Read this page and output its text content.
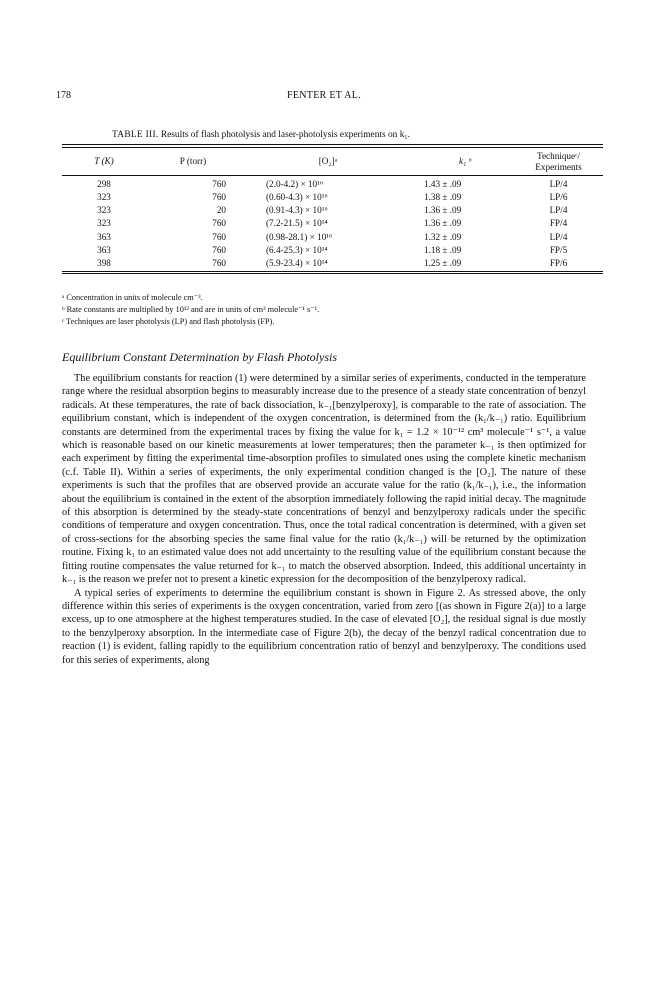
178	FENTER ET AL.
TABLE III. Results of flash photolysis and laser-photolysis experiments on k₁.
T (K)	P (torr)	[O₂]ᵃ	k₁ ᵇ	Techniqueᶜ/
Experiments

298	760	(2.0-4.2) × 10¹⁶	1.43 ± .09	LP/4
323	760	(0.60-4.3) × 10¹⁶	1.38 ± .09	LP/6
323	20	(0.91-4.3) × 10¹⁶	1.36 ± .09	LP/4
323	760	(7.2-21.5) × 10¹⁴	1.36 ± .09	FP/4
363	760	(0.98-28.1) × 10¹⁶	1.32 ± .09	LP/4
363	760	(6.4-25.3) × 10¹⁴	1.18 ± .09	FP/5
398	760	(5.9-23.4) × 10¹⁴	1.25 ± .09	FP/6
ᵃ Concentration in units of molecule cm⁻³.
ᵇ Rate constants are multiplied by 10¹² and are in units of cm³ molecule⁻¹ s⁻¹.
ᶜ Techniques are laser photolysis (LP) and flash photolysis (FP).
Equilibrium Constant Determination by Flash Photolysis

The equilibrium constants for reaction (1) were determined by a similar series of experiments, conducted in the temperature range where the residual absorption begins to measurably increase due to the presence of a steady state concentration of benzyl radicals. At these temperatures, the rate of back dissociation, k₋₁[benzylperoxy], is comparable to the rate of association. The equilibrium constant, which is independent of the oxygen concentration, is determined from the (k₁/k₋₁) ratio. Equilibrium constants are determined from the experimental traces by fixing the value for k₁ = 1.2 × 10⁻¹² cm³ molecule⁻¹ s⁻¹, a value which is reasonable based on our kinetic measurements at lower temperatures; then the parameter k₋₁ is then optimized for each experiment by fitting the experimental time-absorption profiles to simulated ones using the complete kinetic mechanism (c.f. Table II). Within a series of experiments, the only experimental condition changed is the [O₂]. The nature of these experiments is such that the profiles that are observed provide an accurate value for the ratio (k₁/k₋₁), i.e., the information about the equilibrium is contained in the extent of the absorption immediately following the rapid initial decay. The magnitude of this absorption is determined by the steady-state concentrations of benzyl and benzylperoxy radicals under the specific conditions of temperature and oxygen concentration. Thus, once the total radical concentration is determined, with a given set of cross-sections for the absorbing species the same final value for the ratio (k₁/k₋₁) will be returned by the optimization routine. Fixing k₁ to an estimated value does not add uncertainty to the resulting value of the equilibrium constant because the fitting routine compensates the value returned for k₋₁ to match the observed absorption. Indeed, this additional uncertainty in k₋₁ is the reason we prefer not to present a kinetic expression for the decomposition of the benzylperoxy radical.

A typical series of experiments to determine the equilibrium constant is shown in Figure 2. As stressed above, the only difference within this series of experiments is the oxygen concentration, varied from zero [(as shown in Figure 2(a)] to a large excess, up to one atmosphere at the highest temperatures studied. In the case of elevated [O₂], the residual signal is due mostly to the benzylperoxy absorption. In the intermediate case of Figure 2(b), the decay of the benzyl radical concentration due to reaction (1) is evident, falling rapidly to the equilibrium concentration ratio of benzyl and benzylperoxy. The conditions used for this series of experiments, along
